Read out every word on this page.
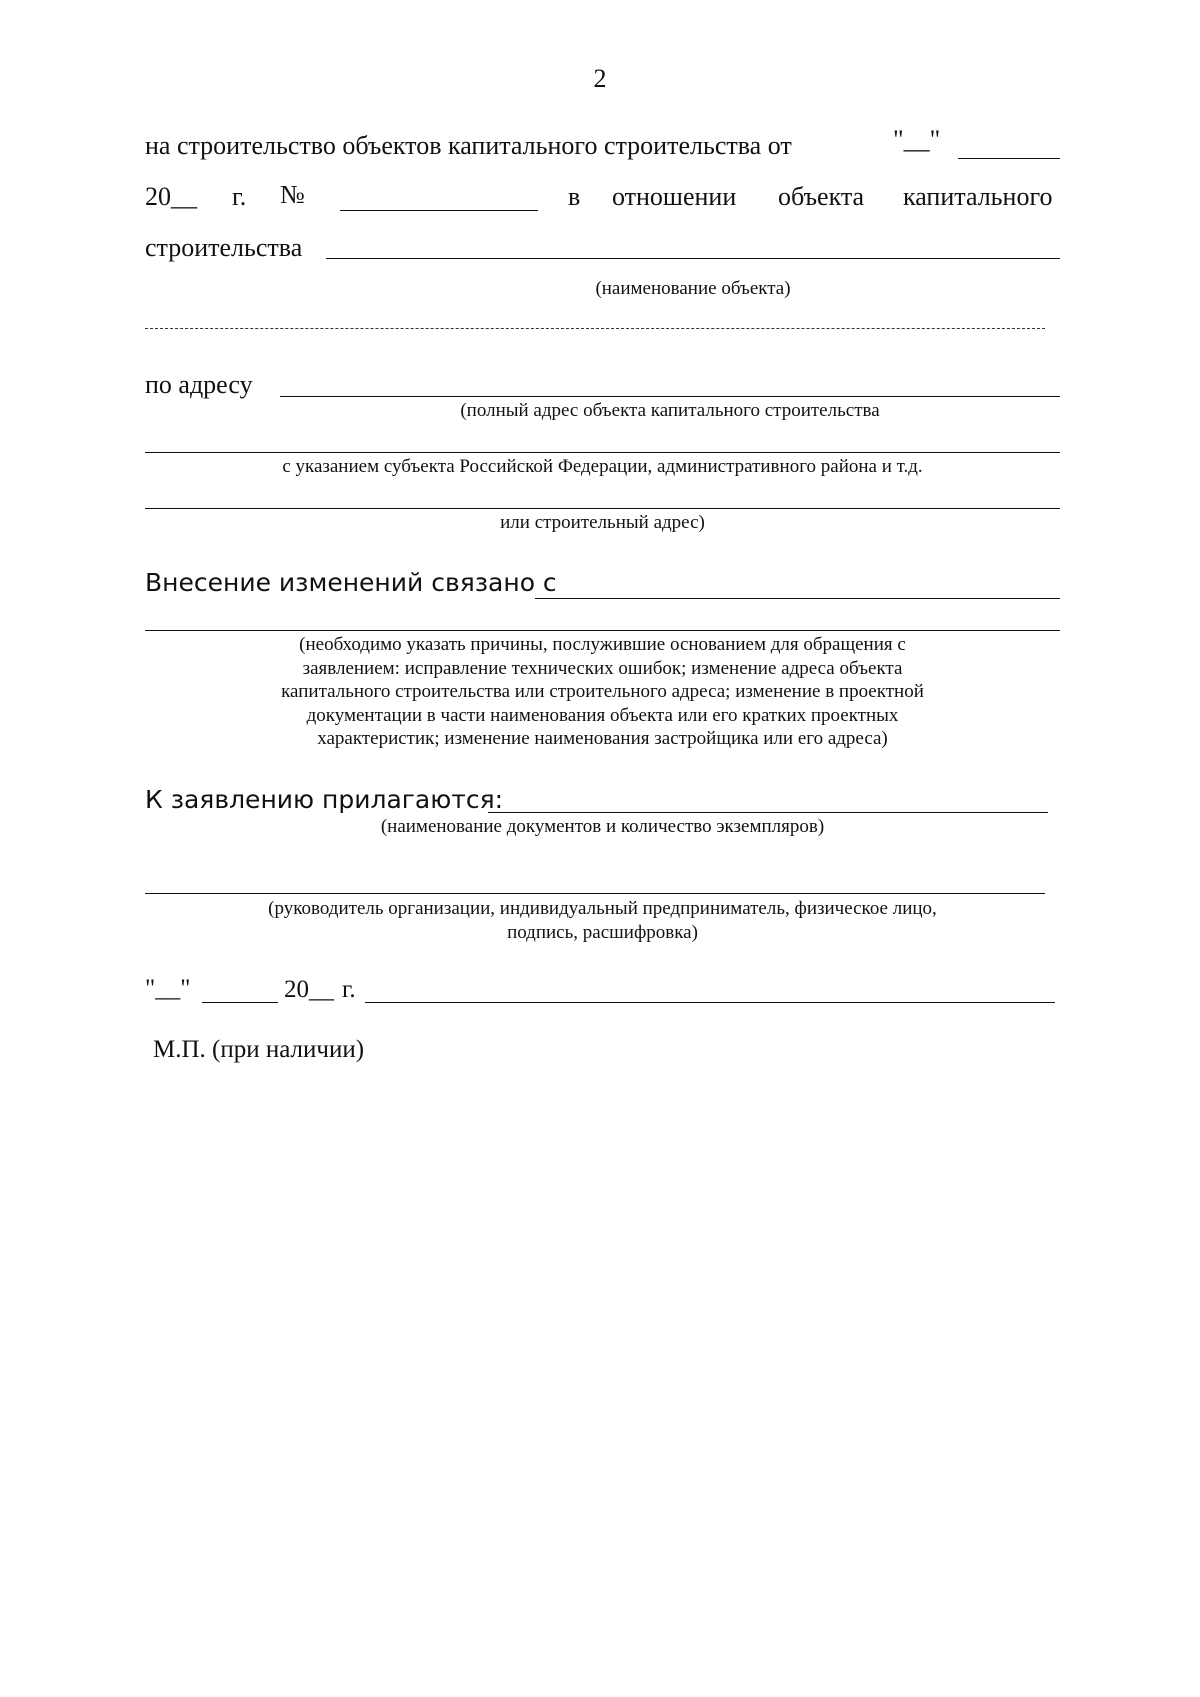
2
на строительство объектов капитального строительства от	"__"
20__ г. №	в отношении объекта капитального
строительства
(наименование объекта)
по адресу
(полный адрес объекта капитального строительства
с указанием субъекта Российской Федерации, административного района и т.д.
или строительный адрес)
Внесение изменений связано с
(необходимо указать причины, послужившие основанием для обращения с
заявлением: исправление технических ошибок; изменение адреса объекта
капитального строительства или строительного адреса; изменение в проектной
документации в части наименования объекта или его кратких проектных
характеристик; изменение наименования застройщика или его адреса)
К заявлению прилагаются:
(наименование документов и количество экземпляров)
(руководитель организации, индивидуальный предприниматель, физическое лицо,
подпись, расшифровка)
"__"	20__ г.
М.П. (при наличии)
